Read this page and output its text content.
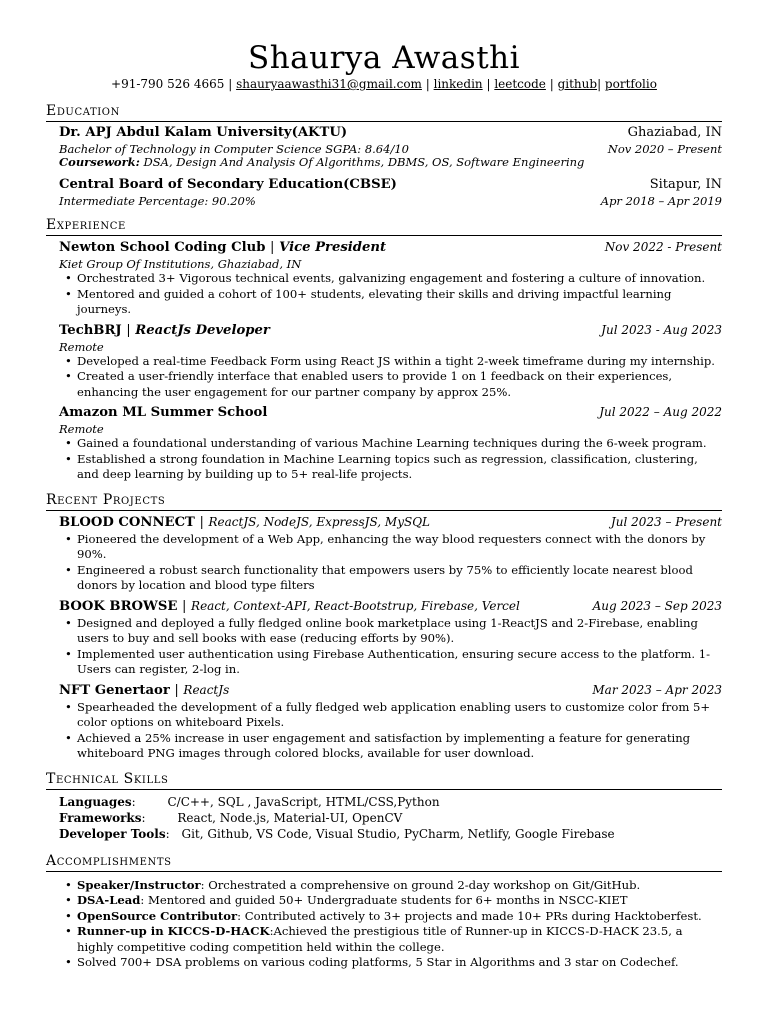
Shaurya Awasthi
+91-790 526 4665 | shauryaawasthi31@gmail.com | linkedin | leetcode | github| portfolio
Education
Dr. APJ Abdul Kalam University(AKTU)	Ghaziabad, IN
Bachelor of Technology in Computer Science SGPA: 8.64/10	Nov 2020 – Present
Coursework: DSA, Design And Analysis Of Algorithms, DBMS, OS, Software Engineering
Central Board of Secondary Education(CBSE)	Sitapur, IN
Intermediate Percentage: 90.20%	Apr 2018 – Apr 2019
Experience
Newton School Coding Club | Vice President	Nov 2022 - Present
Kiet Group Of Institutions, Ghaziabad, IN
• Orchestrated 3+ Vigorous technical events, galvanizing engagement and fostering a culture of innovation.
• Mentored and guided a cohort of 100+ students, elevating their skills and driving impactful learning journeys.
TechBRJ | ReactJs Developer	Jul 2023 - Aug 2023
Remote
• Developed a real-time Feedback Form using React JS within a tight 2-week timeframe during my internship.
• Created a user-friendly interface that enabled users to provide 1 on 1 feedback on their experiences, enhancing the user engagement for our partner company by approx 25%.
Amazon ML Summer School	Jul 2022 – Aug 2022
Remote
• Gained a foundational understanding of various Machine Learning techniques during the 6-week program.
• Established a strong foundation in Machine Learning topics such as regression, classification, clustering, and deep learning by building up to 5+ real-life projects.
Recent Projects
BLOOD CONNECT | ReactJS, NodeJS, ExpressJS, MySQL	Jul 2023 – Present
• Pioneered the development of a Web App, enhancing the way blood requesters connect with the donors by 90%.
• Engineered a robust search functionality that empowers users by 75% to efficiently locate nearest blood donors by location and blood type filters
BOOK BROWSE | React, Context-API, React-Bootstrup, Firebase, Vercel	Aug 2023 – Sep 2023
• Designed and deployed a fully fledged online book marketplace using 1-ReactJS and 2-Firebase, enabling users to buy and sell books with ease (reducing efforts by 90%).
• Implemented user authentication using Firebase Authentication, ensuring secure access to the platform. 1-Users can register, 2-log in.
NFT Genertaor | ReactJs	Mar 2023 – Apr 2023
• Spearheaded the development of a fully fledged web application enabling users to customize color from 5+ color options on whiteboard Pixels.
• Achieved a 25% increase in user engagement and satisfaction by implementing a feature for generating whiteboard PNG images through colored blocks, available for user download.
Technical Skills
Languages: C/C++, SQL , JavaScript, HTML/CSS,Python
Frameworks: React, Node.js, Material-UI, OpenCV
Developer Tools: Git, Github, VS Code, Visual Studio, PyCharm, Netlify, Google Firebase
Accomplishments
• Speaker/Instructor: Orchestrated a comprehensive on ground 2-day workshop on Git/GitHub.
• DSA-Lead: Mentored and guided 50+ Undergraduate students for 6+ months in NSCC-KIET
• OpenSource Contributor: Contributed actively to 3+ projects and made 10+ PRs during Hacktoberfest.
• Runner-up in KICCS-D-HACK:Achieved the prestigious title of Runner-up in KICCS-D-HACK 23.5, a highly competitive coding competition held within the college.
• Solved 700+ DSA problems on various coding platforms, 5 Star in Algorithms and 3 star on Codechef.
